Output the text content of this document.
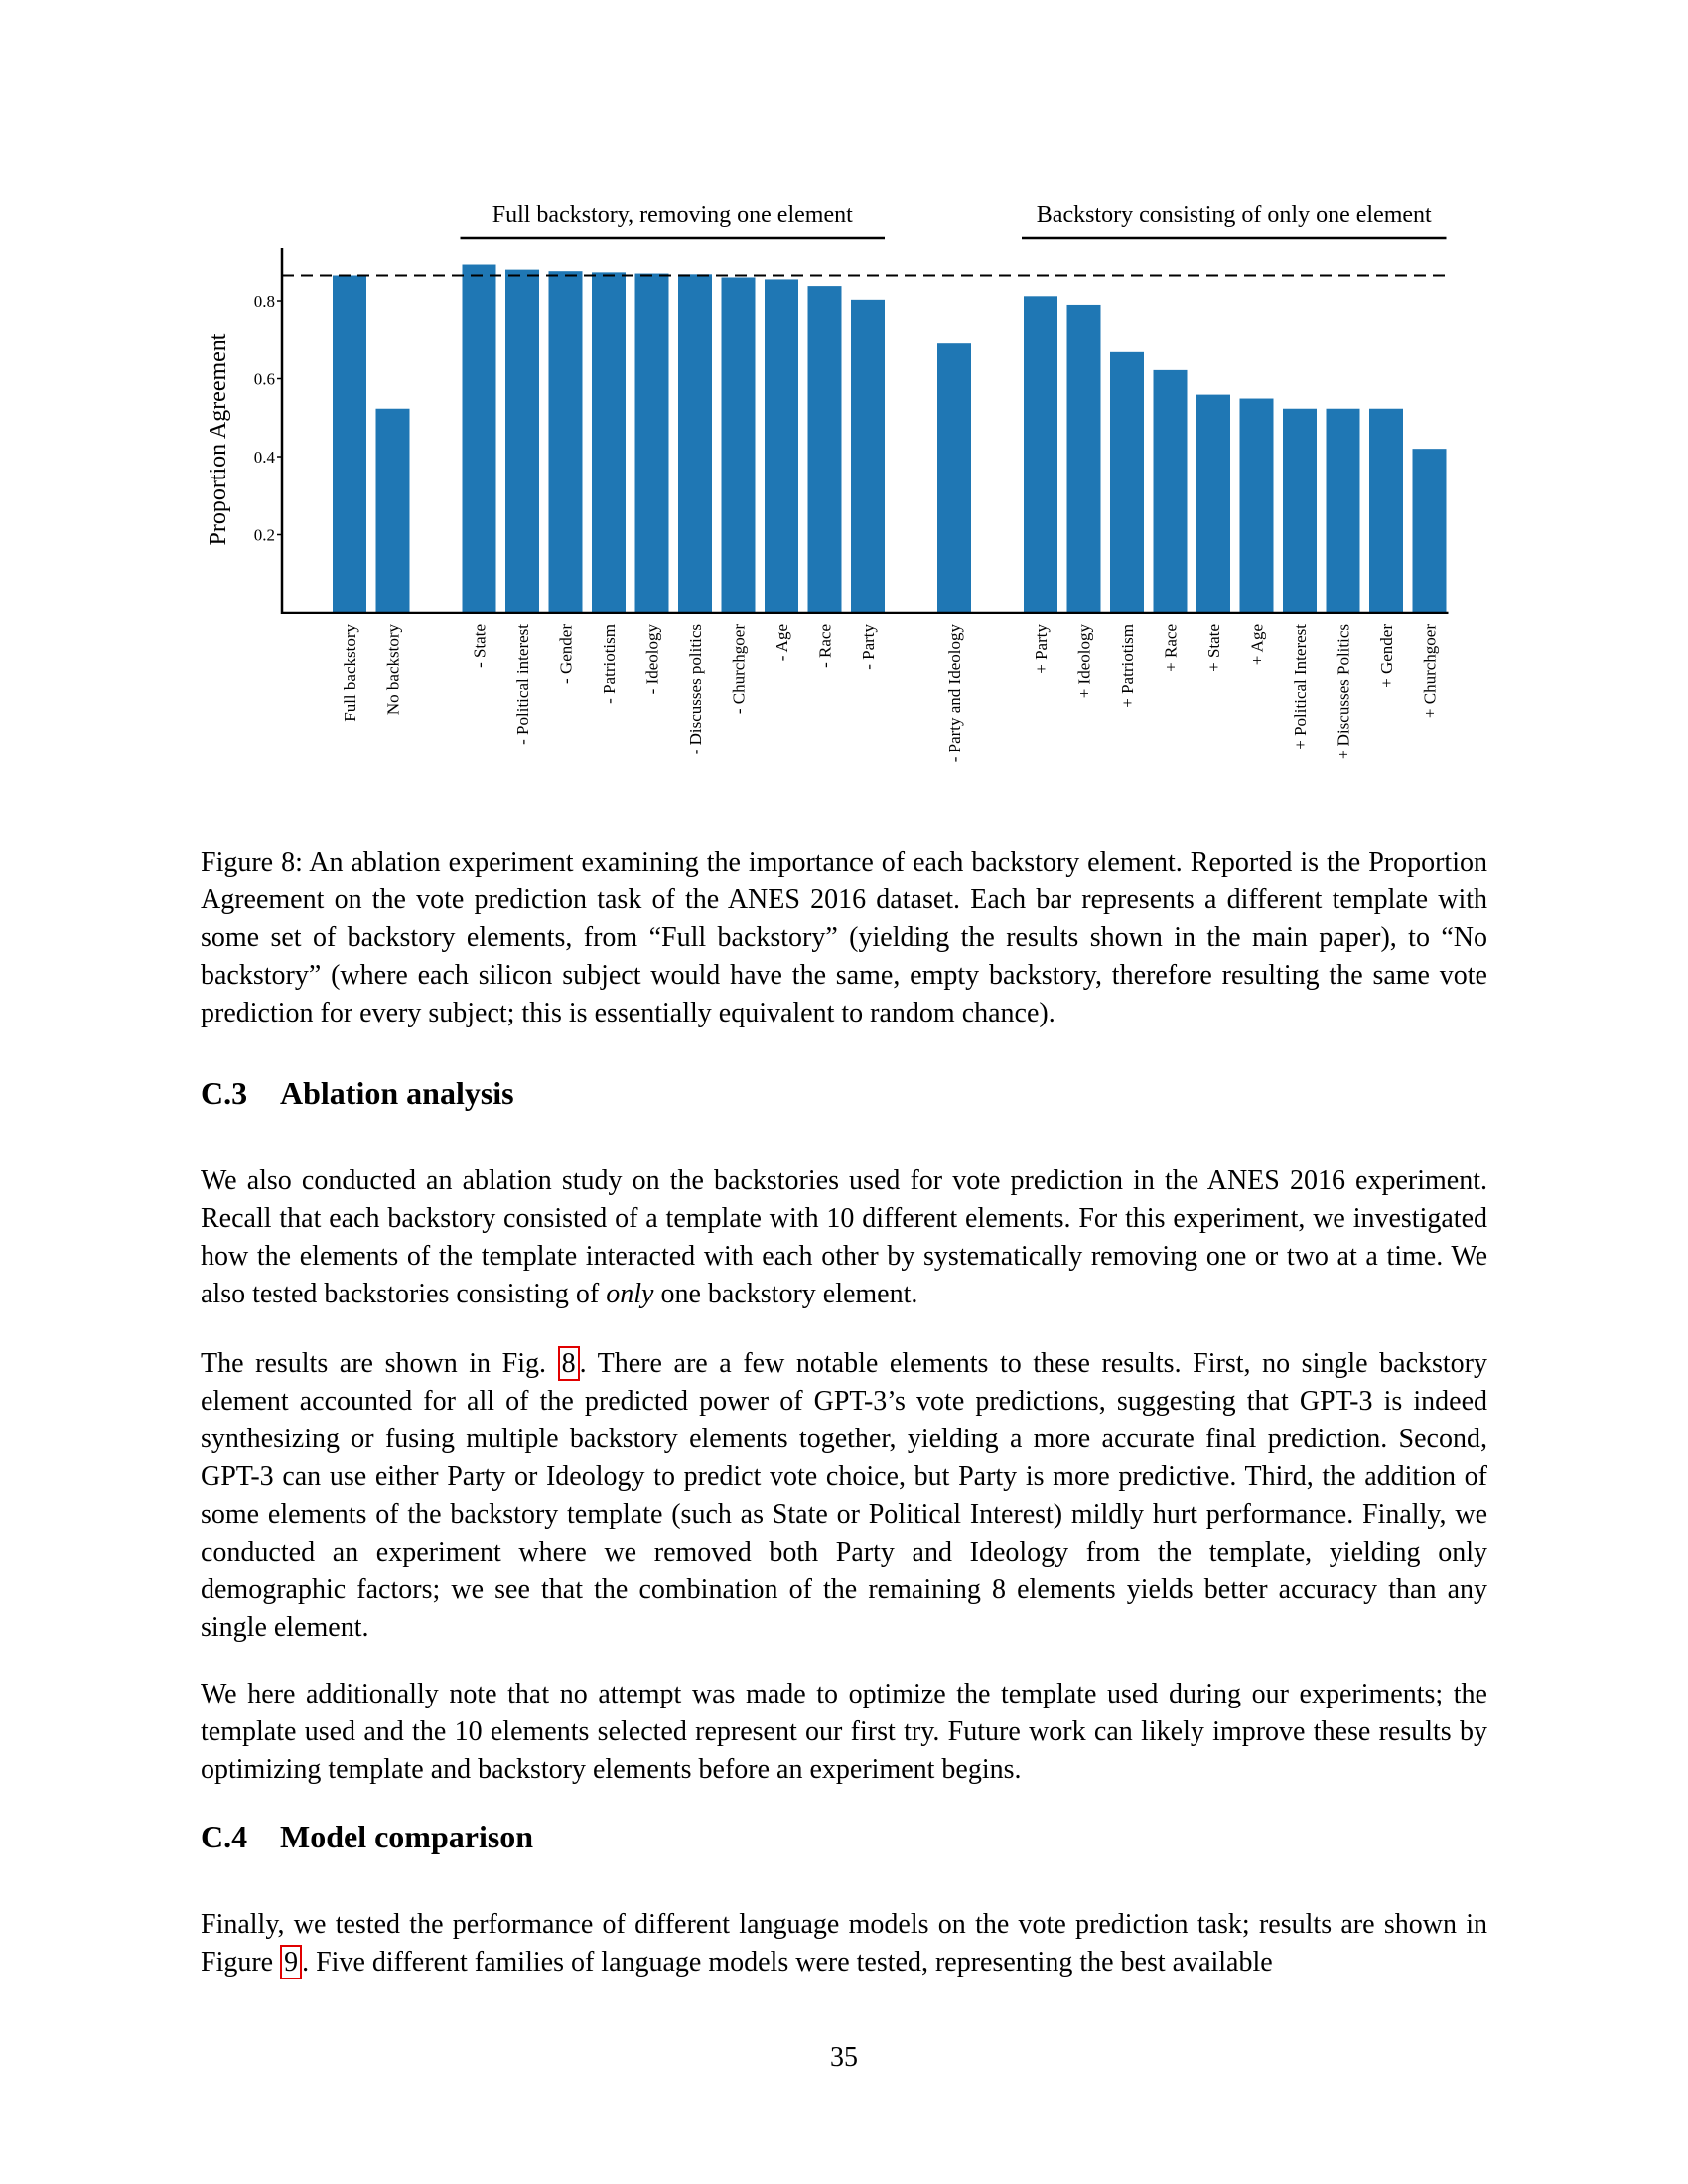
0.2
0.4
0.6
0.8
Proportion Agreement
Full backstory No backstory	- State - Political interest - Gender - Patriotism - Ideology - Discusses politics - Churchgoer - Age - Race - Party	- Party and Ideology	+ Party + Ideology + Patriotism + Race + State + Age + Political Interest + Discusses Politics + Gender + Churchgoer
Full backstory, removing one element	Backstory consisting of only one element

Figure 8: An ablation experiment examining the importance of each backstory element. Reported is the Proportion Agreement on the vote prediction task of the ANES 2016 dataset. Each bar represents a different template with some set of backstory elements, from “Full backstory” (yielding the results shown in the main paper), to “No backstory” (where each silicon subject would have the same, empty backstory, therefore resulting the same vote prediction for every subject; this is essentially equivalent to random chance).

C.3 Ablation analysis

We also conducted an ablation study on the backstories used for vote prediction in the ANES 2016 experiment. Recall that each backstory consisted of a template with 10 different elements. For this experiment, we investigated how the elements of the template interacted with each other by systematically removing one or two at a time. We also tested backstories consisting of only one backstory element.

The results are shown in Fig. 8 . There are a few notable elements to these results. First, no single backstory element accounted for all of the predicted power of GPT-3’s vote predictions, suggesting that GPT-3 is indeed synthesizing or fusing multiple backstory elements together, yielding a more accurate final prediction. Second, GPT-3 can use either Party or Ideology to predict vote choice, but Party is more predictive. Third, the addition of some elements of the backstory template (such as State or Political Interest) mildly hurt performance. Finally, we conducted an experiment where we removed both Party and Ideology from the template, yielding only demographic factors; we see that the combination of the remaining 8 elements yields better accuracy than any single element.

We here additionally note that no attempt was made to optimize the template used during our experiments; the template used and the 10 elements selected represent our first try. Future work can likely improve these results by optimizing template and backstory elements before an experiment begins.

C.4 Model comparison

Finally, we tested the performance of different language models on the vote prediction task; results are shown in Figure 9 . Five different families of language models were tested, representing the best available

35
